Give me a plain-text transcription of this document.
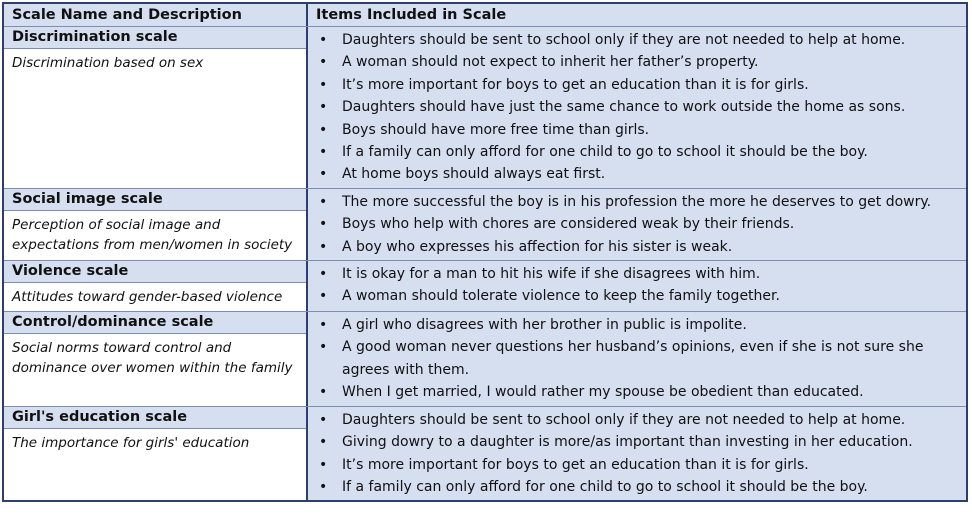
Scale Name and Description	Items Included in Scale
Discrimination scale
Discrimination based on sex
• Daughters should be sent to school only if they are not needed to help at home.
• A woman should not expect to inherit her father’s property.
• It’s more important for boys to get an education than it is for girls.
• Daughters should have just the same chance to work outside the home as sons.
• Boys should have more free time than girls.
• If a family can only afford for one child to go to school it should be the boy.
• At home boys should always eat first.
Social image scale
Perception of social image and expectations from men/women in society
• The more successful the boy is in his profession the more he deserves to get dowry.
• Boys who help with chores are considered weak by their friends.
• A boy who expresses his affection for his sister is weak.
Violence scale
Attitudes toward gender-based violence
• It is okay for a man to hit his wife if she disagrees with him.
• A woman should tolerate violence to keep the family together.
Control/dominance scale
Social norms toward control and dominance over women within the family
• A girl who disagrees with her brother in public is impolite.
• A good woman never questions her husband’s opinions, even if she is not sure she agrees with them.
• When I get married, I would rather my spouse be obedient than educated.
Girl's education scale
The importance for girls' education
• Daughters should be sent to school only if they are not needed to help at home.
• Giving dowry to a daughter is more/as important than investing in her education.
• It’s more important for boys to get an education than it is for girls.
• If a family can only afford for one child to go to school it should be the boy.
